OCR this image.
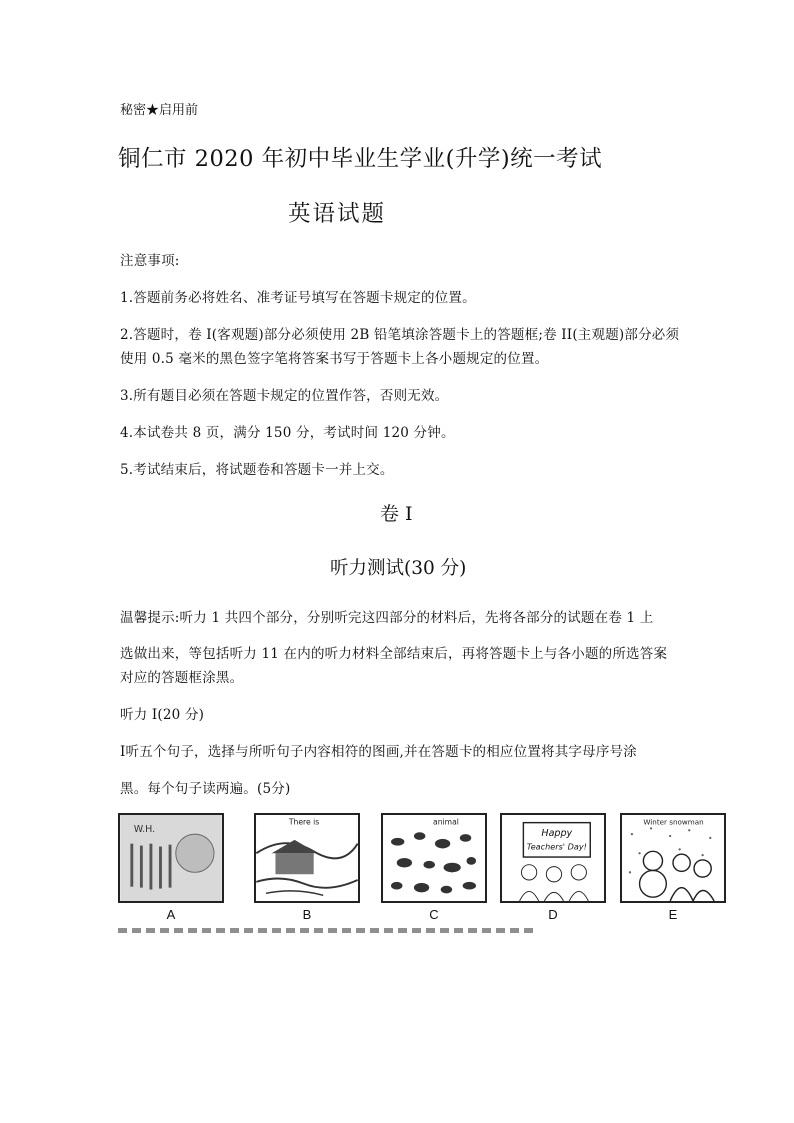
秘密★启用前
铜仁市 2020 年初中毕业生学业(升学)统一考试
英语试题
注意事项:
1.答题前务必将姓名、准考证号填写在答题卡规定的位置。
2.答题时，卷 I(客观题)部分必须使用 2B 铅笔填涂答题卡上的答题框;卷 II(主观题)部分必须
使用 0.5 毫米的黑色签字笔将答案书写于答题卡上各小题规定的位置。
3.所有题目必须在答题卡规定的位置作答，否则无效。
4.本试卷共 8 页，满分 150 分，考试时间 120 分钟。
5.考试结束后，将试题卷和答题卡一并上交。
卷 I
听力测试(30 分)
温馨提示:听力 1 共四个部分，分别听完这四部分的材料后，先将各部分的试题在卷 1 上
选做出来，等包括听力 11 在内的听力材料全部结束后，再将答题卡上与各小题的所选答案
对应的答题框涂黑。
听力 I(20 分)
I听五个句子，选择与所听句子内容相符的图画,并在答题卡的相应位置将其字母序号涂
黑。每个句子读两遍。(5分)
W.H.
A
There is
B
animal
C
Happy
Teachers' Day!
D
Winter snowman
E
